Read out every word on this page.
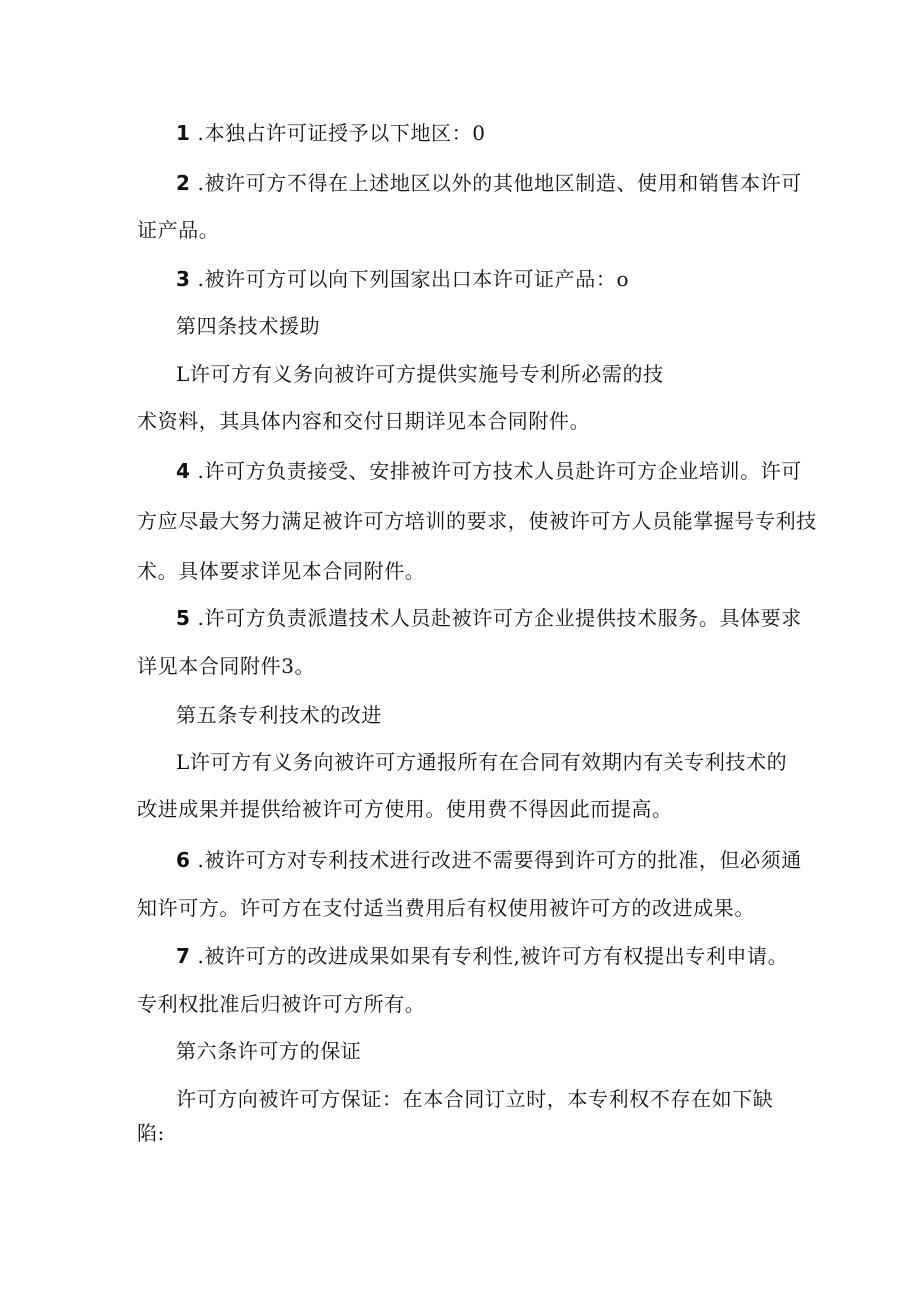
1 .本独占许可证授予以下地区：0
2 .被许可方不得在上述地区以外的其他地区制造、使用和销售本许可
证产品。
3 .被许可方可以向下列国家出口本许可证产品：o
第四条技术援助
L许可方有义务向被许可方提供实施号专利所必需的技
术资料，其具体内容和交付日期详见本合同附件。
4 .许可方负责接受、安排被许可方技术人员赴许可方企业培训。许可
方应尽最大努力满足被许可方培训的要求，使被许可方人员能掌握号专利技
术。具体要求详见本合同附件。
5 .许可方负责派遣技术人员赴被许可方企业提供技术服务。具体要求
详见本合同附件3。
第五条专利技术的改进
L许可方有义务向被许可方通报所有在合同有效期内有关专利技术的
改进成果并提供给被许可方使用。使用费不得因此而提高。
6 .被许可方对专利技术进行改进不需要得到许可方的批准，但必须通
知许可方。许可方在支付适当费用后有权使用被许可方的改进成果。
7 .被许可方的改进成果如果有专利性,被许可方有权提出专利申请。
专利权批准后归被许可方所有。
第六条许可方的保证
许可方向被许可方保证：在本合同订立时，本专利权不存在如下缺
陷:
